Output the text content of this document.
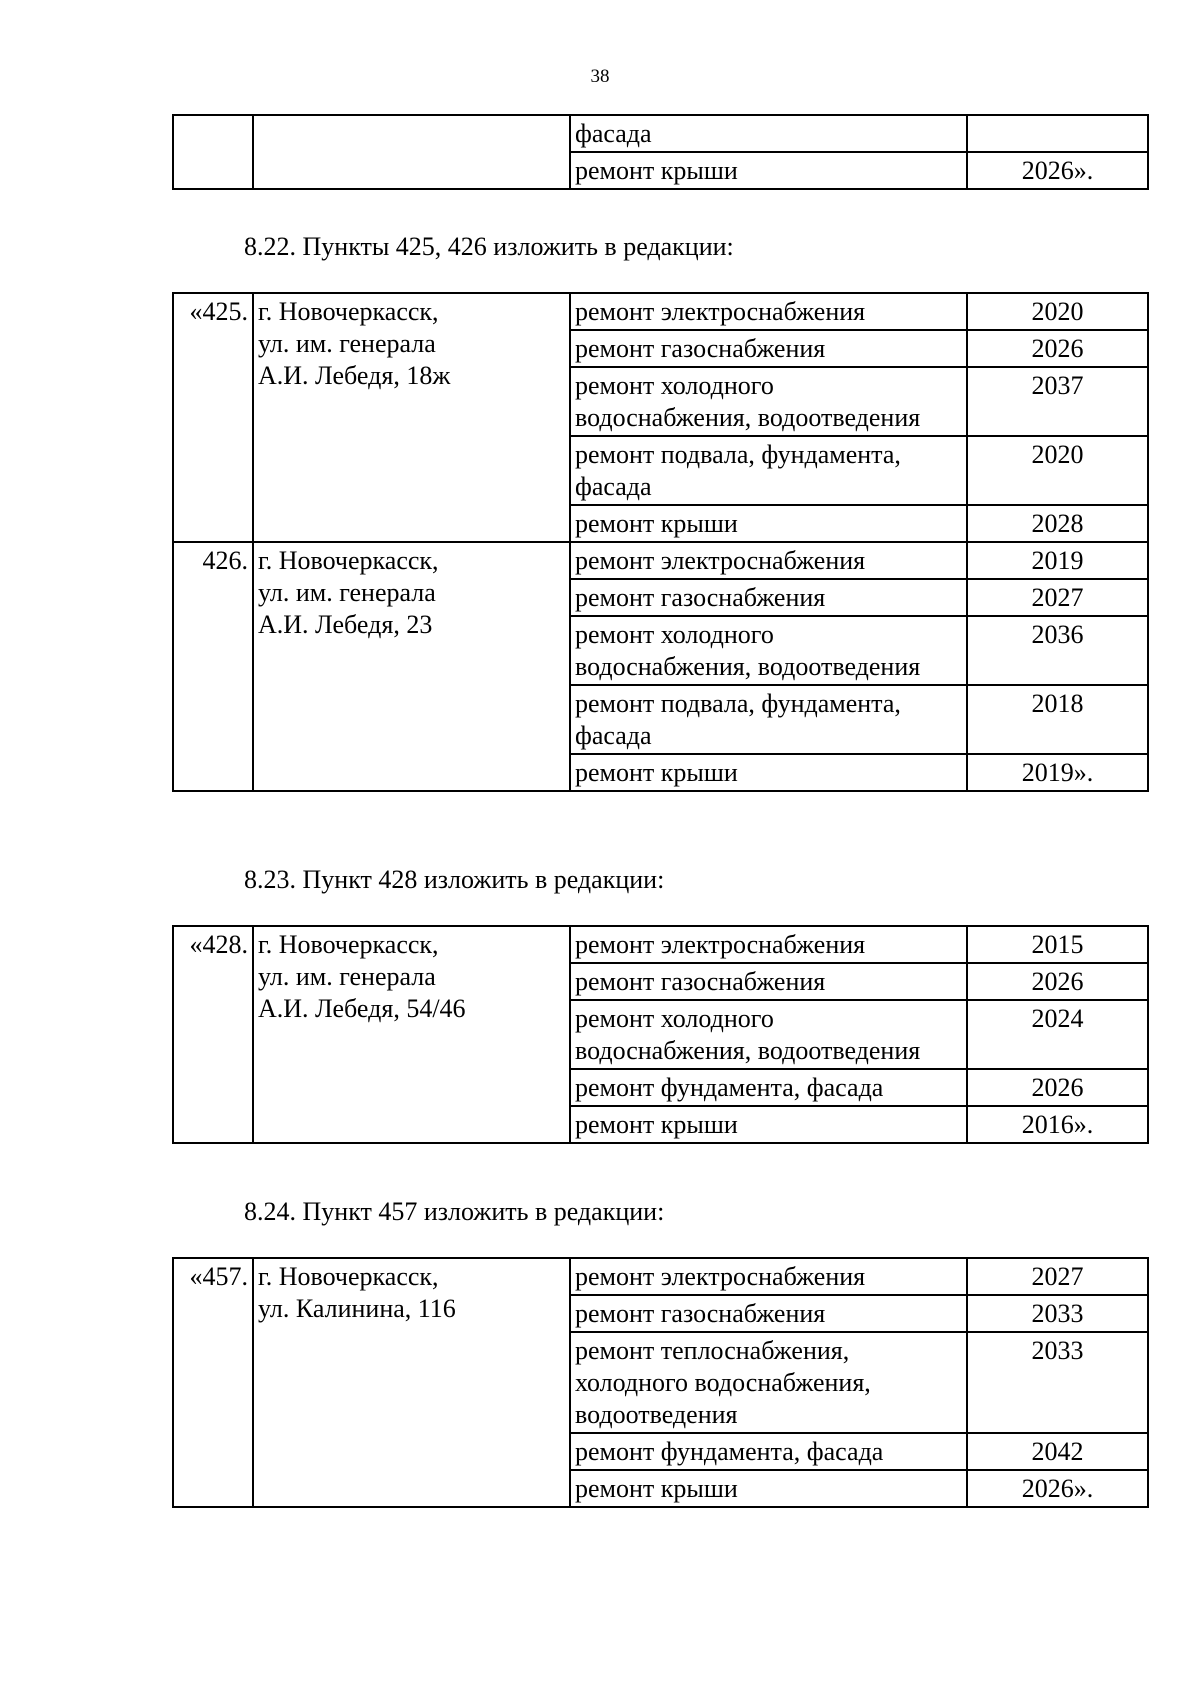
38
		фасада	
		ремонт крыши	2026».
8.22. Пункты 425, 426 изложить в редакции:
«425.	г. Новочеркасск,
ул. им. генерала
А.И. Лебедя, 18ж	ремонт электроснабжения	2020
		ремонт газоснабжения	2026
		ремонт холодного
водоснабжения, водоотведения	2037
		ремонт подвала, фундамента,
фасада	2020
		ремонт крыши	2028
426.	г. Новочеркасск,
ул. им. генерала
А.И. Лебедя, 23	ремонт электроснабжения	2019
		ремонт газоснабжения	2027
		ремонт холодного
водоснабжения, водоотведения	2036
		ремонт подвала, фундамента,
фасада	2018
		ремонт крыши	2019».
8.23. Пункт 428 изложить в редакции:
«428.	г. Новочеркасск,
ул. им. генерала
А.И. Лебедя, 54/46	ремонт электроснабжения	2015
		ремонт газоснабжения	2026
		ремонт холодного
водоснабжения, водоотведения	2024
		ремонт фундамента, фасада	2026
		ремонт крыши	2016».
8.24. Пункт 457 изложить в редакции:
«457.	г. Новочеркасск,
ул. Калинина, 116	ремонт электроснабжения	2027
		ремонт газоснабжения	2033
		ремонт теплоснабжения,
холодного водоснабжения,
водоотведения	2033
		ремонт фундамента, фасада	2042
		ремонт крыши	2026».
